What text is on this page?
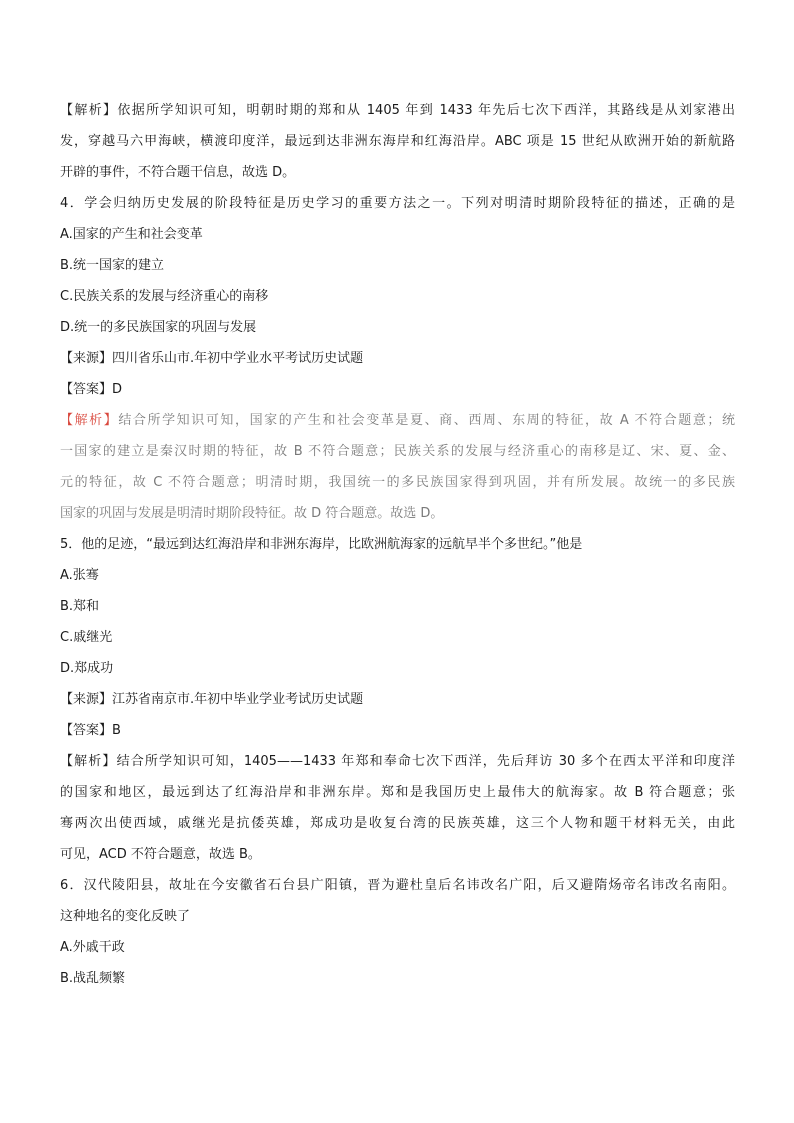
【解析】依据所学知识可知，明朝时期的郑和从 1405 年到 1433 年先后七次下西洋，其路线是从刘家港出
发，穿越马六甲海峡，横渡印度洋，最远到达非洲东海岸和红海沿岸。ABC 项是 15 世纪从欧洲开始的新航路
开辟的事件，不符合题干信息，故选 D。
4．学会归纳历史发展的阶段特征是历史学习的重要方法之一。下列对明清时期阶段特征的描述，正确的是
A.国家的产生和社会变革
B.统一国家的建立
C.民族关系的发展与经济重心的南移
D.统一的多民族国家的巩固与发展
【来源】四川省乐山市.年初中学业水平考试历史试题
【答案】D
【解析】结合所学知识可知，国家的产生和社会变革是夏、商、西周、东周的特征，故 A 不符合题意；统
一国家的建立是秦汉时期的特征，故 B 不符合题意；民族关系的发展与经济重心的南移是辽、宋、夏、金、
元的特征，故 C 不符合题意；明清时期，我国统一的多民族国家得到巩固，并有所发展。故统一的多民族
国家的巩固与发展是明清时期阶段特征。故 D 符合题意。故选 D。
5．他的足迹，“最远到达红海沿岸和非洲东海岸，比欧洲航海家的远航早半个多世纪。”他是
A.张骞
B.郑和
C.戚继光
D.郑成功
【来源】江苏省南京市.年初中毕业学业考试历史试题
【答案】B
【解析】结合所学知识可知，1405——1433 年郑和奉命七次下西洋，先后拜访 30 多个在西太平洋和印度洋
的国家和地区，最远到达了红海沿岸和非洲东岸。郑和是我国历史上最伟大的航海家。故 B 符合题意；张
骞两次出使西域，戚继光是抗倭英雄，郑成功是收复台湾的民族英雄，这三个人物和题干材料无关，由此
可见，ACD 不符合题意，故选 B。
6．汉代陵阳县，故址在今安徽省石台县广阳镇，晋为避杜皇后名讳改名广阳，后又避隋炀帝名讳改名南阳。
这种地名的变化反映了
A.外戚干政
B.战乱频繁
